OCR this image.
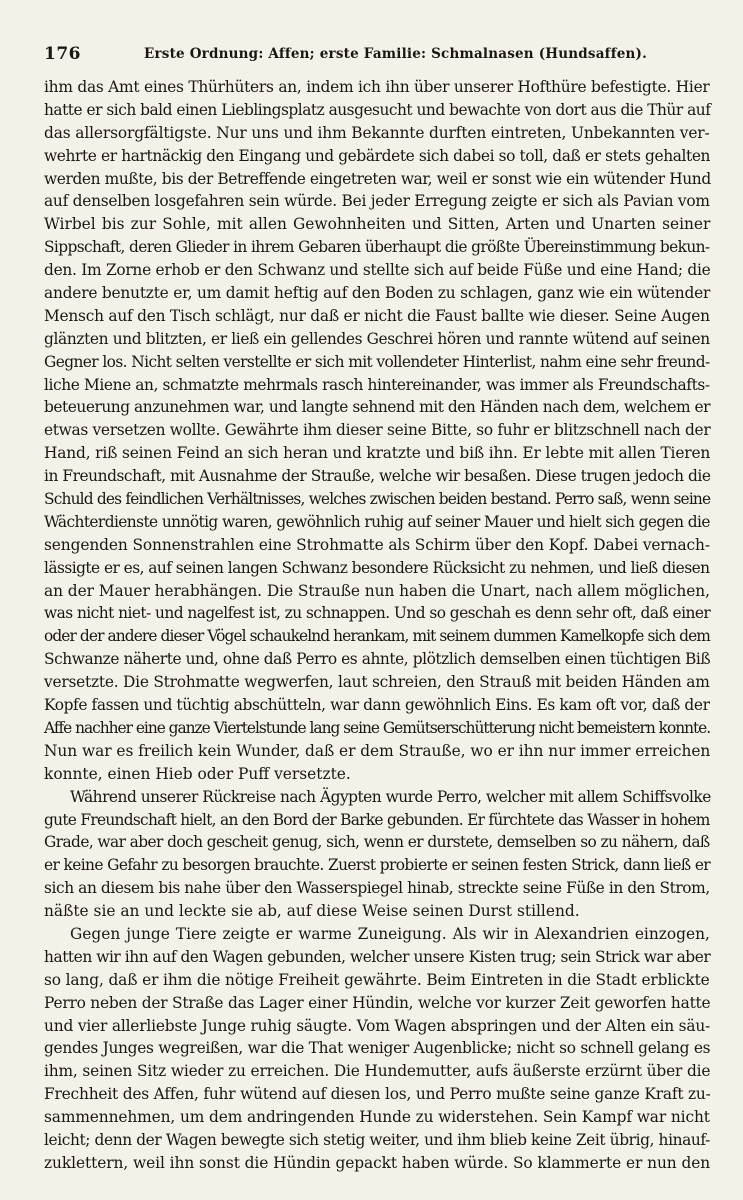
176	Erste Ordnung: Affen; erste Familie: Schmalnasen (Hundsaffen).
ihm das Amt eines Thürhüters an, indem ich ihn über unserer Hofthüre befestigte. Hier
hatte er sich bald einen Lieblingsplatz ausgesucht und bewachte von dort aus die Thür auf
das allersorgfältigste. Nur uns und ihm Bekannte durften eintreten, Unbekannten ver-
wehrte er hartnäckig den Eingang und gebärdete sich dabei so toll, daß er stets gehalten
werden mußte, bis der Betreffende eingetreten war, weil er sonst wie ein wütender Hund
auf denselben losgefahren sein würde. Bei jeder Erregung zeigte er sich als Pavian vom
Wirbel bis zur Sohle, mit allen Gewohnheiten und Sitten, Arten und Unarten seiner
Sippschaft, deren Glieder in ihrem Gebaren überhaupt die größte Übereinstimmung bekun-
den. Im Zorne erhob er den Schwanz und stellte sich auf beide Füße und eine Hand; die
andere benutzte er, um damit heftig auf den Boden zu schlagen, ganz wie ein wütender
Mensch auf den Tisch schlägt, nur daß er nicht die Faust ballte wie dieser. Seine Augen
glänzten und blitzten, er ließ ein gellendes Geschrei hören und rannte wütend auf seinen
Gegner los. Nicht selten verstellte er sich mit vollendeter Hinterlist, nahm eine sehr freund-
liche Miene an, schmatzte mehrmals rasch hintereinander, was immer als Freundschafts-
beteuerung anzunehmen war, und langte sehnend mit den Händen nach dem, welchem er
etwas versetzen wollte. Gewährte ihm dieser seine Bitte, so fuhr er blitzschnell nach der
Hand, riß seinen Feind an sich heran und kratzte und biß ihn. Er lebte mit allen Tieren
in Freundschaft, mit Ausnahme der Strauße, welche wir besaßen. Diese trugen jedoch die
Schuld des feindlichen Verhältnisses, welches zwischen beiden bestand. Perro saß, wenn seine
Wächterdienste unnötig waren, gewöhnlich ruhig auf seiner Mauer und hielt sich gegen die
sengenden Sonnenstrahlen eine Strohmatte als Schirm über den Kopf. Dabei vernach-
lässigte er es, auf seinen langen Schwanz besondere Rücksicht zu nehmen, und ließ diesen
an der Mauer herabhängen. Die Strauße nun haben die Unart, nach allem möglichen,
was nicht niet- und nagelfest ist, zu schnappen. Und so geschah es denn sehr oft, daß einer
oder der andere dieser Vögel schaukelnd herankam, mit seinem dummen Kamelkopfe sich dem
Schwanze näherte und, ohne daß Perro es ahnte, plötzlich demselben einen tüchtigen Biß
versetzte. Die Strohmatte wegwerfen, laut schreien, den Strauß mit beiden Händen am
Kopfe fassen und tüchtig abschütteln, war dann gewöhnlich Eins. Es kam oft vor, daß der
Affe nachher eine ganze Viertelstunde lang seine Gemütserschütterung nicht bemeistern konnte.
Nun war es freilich kein Wunder, daß er dem Strauße, wo er ihn nur immer erreichen
konnte, einen Hieb oder Puff versetzte.
Während unserer Rückreise nach Ägypten wurde Perro, welcher mit allem Schiffsvolke
gute Freundschaft hielt, an den Bord der Barke gebunden. Er fürchtete das Wasser in hohem
Grade, war aber doch gescheit genug, sich, wenn er durstete, demselben so zu nähern, daß
er keine Gefahr zu besorgen brauchte. Zuerst probierte er seinen festen Strick, dann ließ er
sich an diesem bis nahe über den Wasserspiegel hinab, streckte seine Füße in den Strom,
näßte sie an und leckte sie ab, auf diese Weise seinen Durst stillend.
Gegen junge Tiere zeigte er warme Zuneigung. Als wir in Alexandrien einzogen,
hatten wir ihn auf den Wagen gebunden, welcher unsere Kisten trug; sein Strick war aber
so lang, daß er ihm die nötige Freiheit gewährte. Beim Eintreten in die Stadt erblickte
Perro neben der Straße das Lager einer Hündin, welche vor kurzer Zeit geworfen hatte
und vier allerliebste Junge ruhig säugte. Vom Wagen abspringen und der Alten ein säu-
gendes Junges wegreißen, war die That weniger Augenblicke; nicht so schnell gelang es
ihm, seinen Sitz wieder zu erreichen. Die Hundemutter, aufs äußerste erzürnt über die
Frechheit des Affen, fuhr wütend auf diesen los, und Perro mußte seine ganze Kraft zu-
sammennehmen, um dem andringenden Hunde zu widerstehen. Sein Kampf war nicht
leicht; denn der Wagen bewegte sich stetig weiter, und ihm blieb keine Zeit übrig, hinauf-
zuklettern, weil ihn sonst die Hündin gepackt haben würde. So klammerte er nun den
